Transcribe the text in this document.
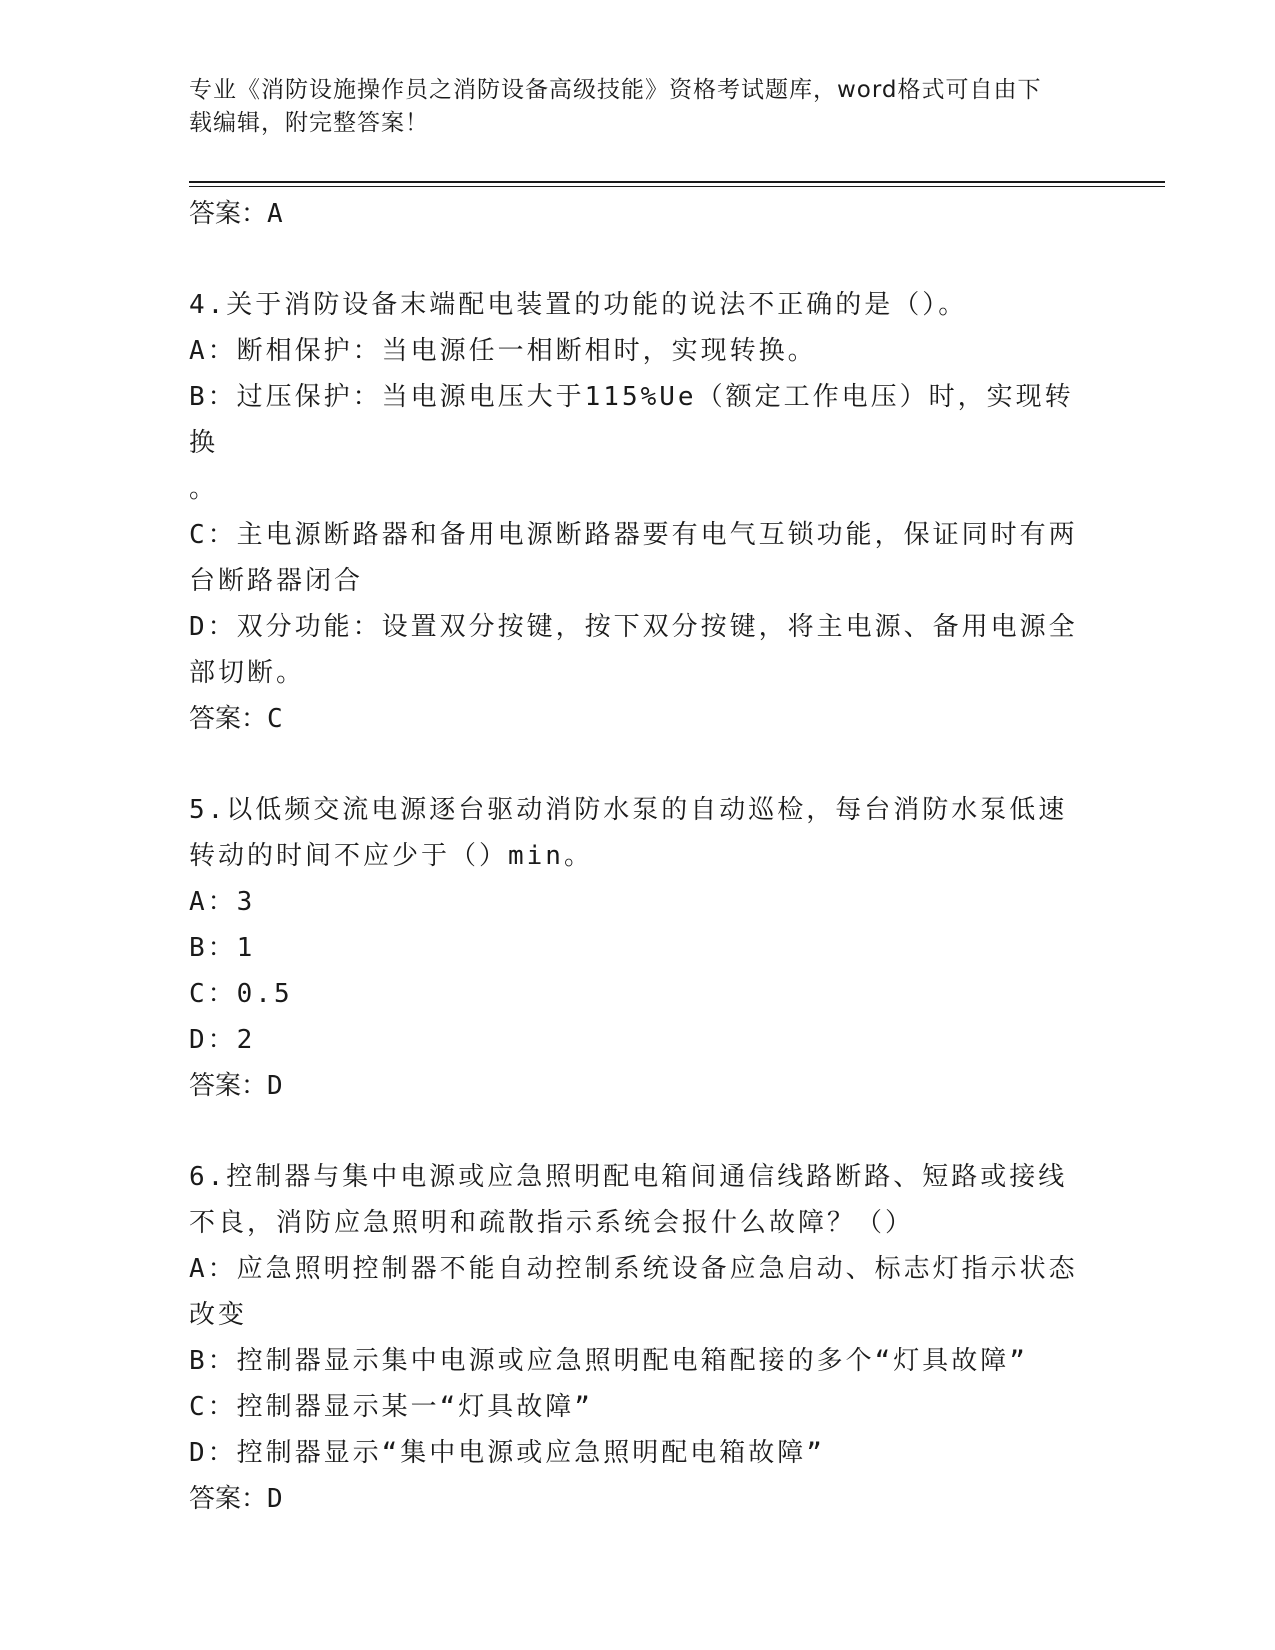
专业《消防设施操作员之消防设备高级技能》资格考试题库，word格式可自由下
载编辑，附完整答案！

答案：A

4.关于消防设备末端配电装置的功能的说法不正确的是（）。

A：断相保护：当电源任一相断相时，实现转换。

B：过压保护：当电源电压大于115%Ue（额定工作电压）时，实现转换

。

C：主电源断路器和备用电源断路器要有电气互锁功能，保证同时有两

台断路器闭合

D：双分功能：设置双分按键，按下双分按键，将主电源、备用电源全

部切断。

答案：C

5.以低频交流电源逐台驱动消防水泵的自动巡检，每台消防水泵低速

转动的时间不应少于（）min。

A：3

B：1

C：0.5

D：2

答案：D

6.控制器与集中电源或应急照明配电箱间通信线路断路、短路或接线

不良，消防应急照明和疏散指示系统会报什么故障？（）

A：应急照明控制器不能自动控制系统设备应急启动、标志灯指示状态

改变

B：控制器显示集中电源或应急照明配电箱配接的多个“灯具故障”

C：控制器显示某一“灯具故障”

D：控制器显示“集中电源或应急照明配电箱故障”

答案：D
